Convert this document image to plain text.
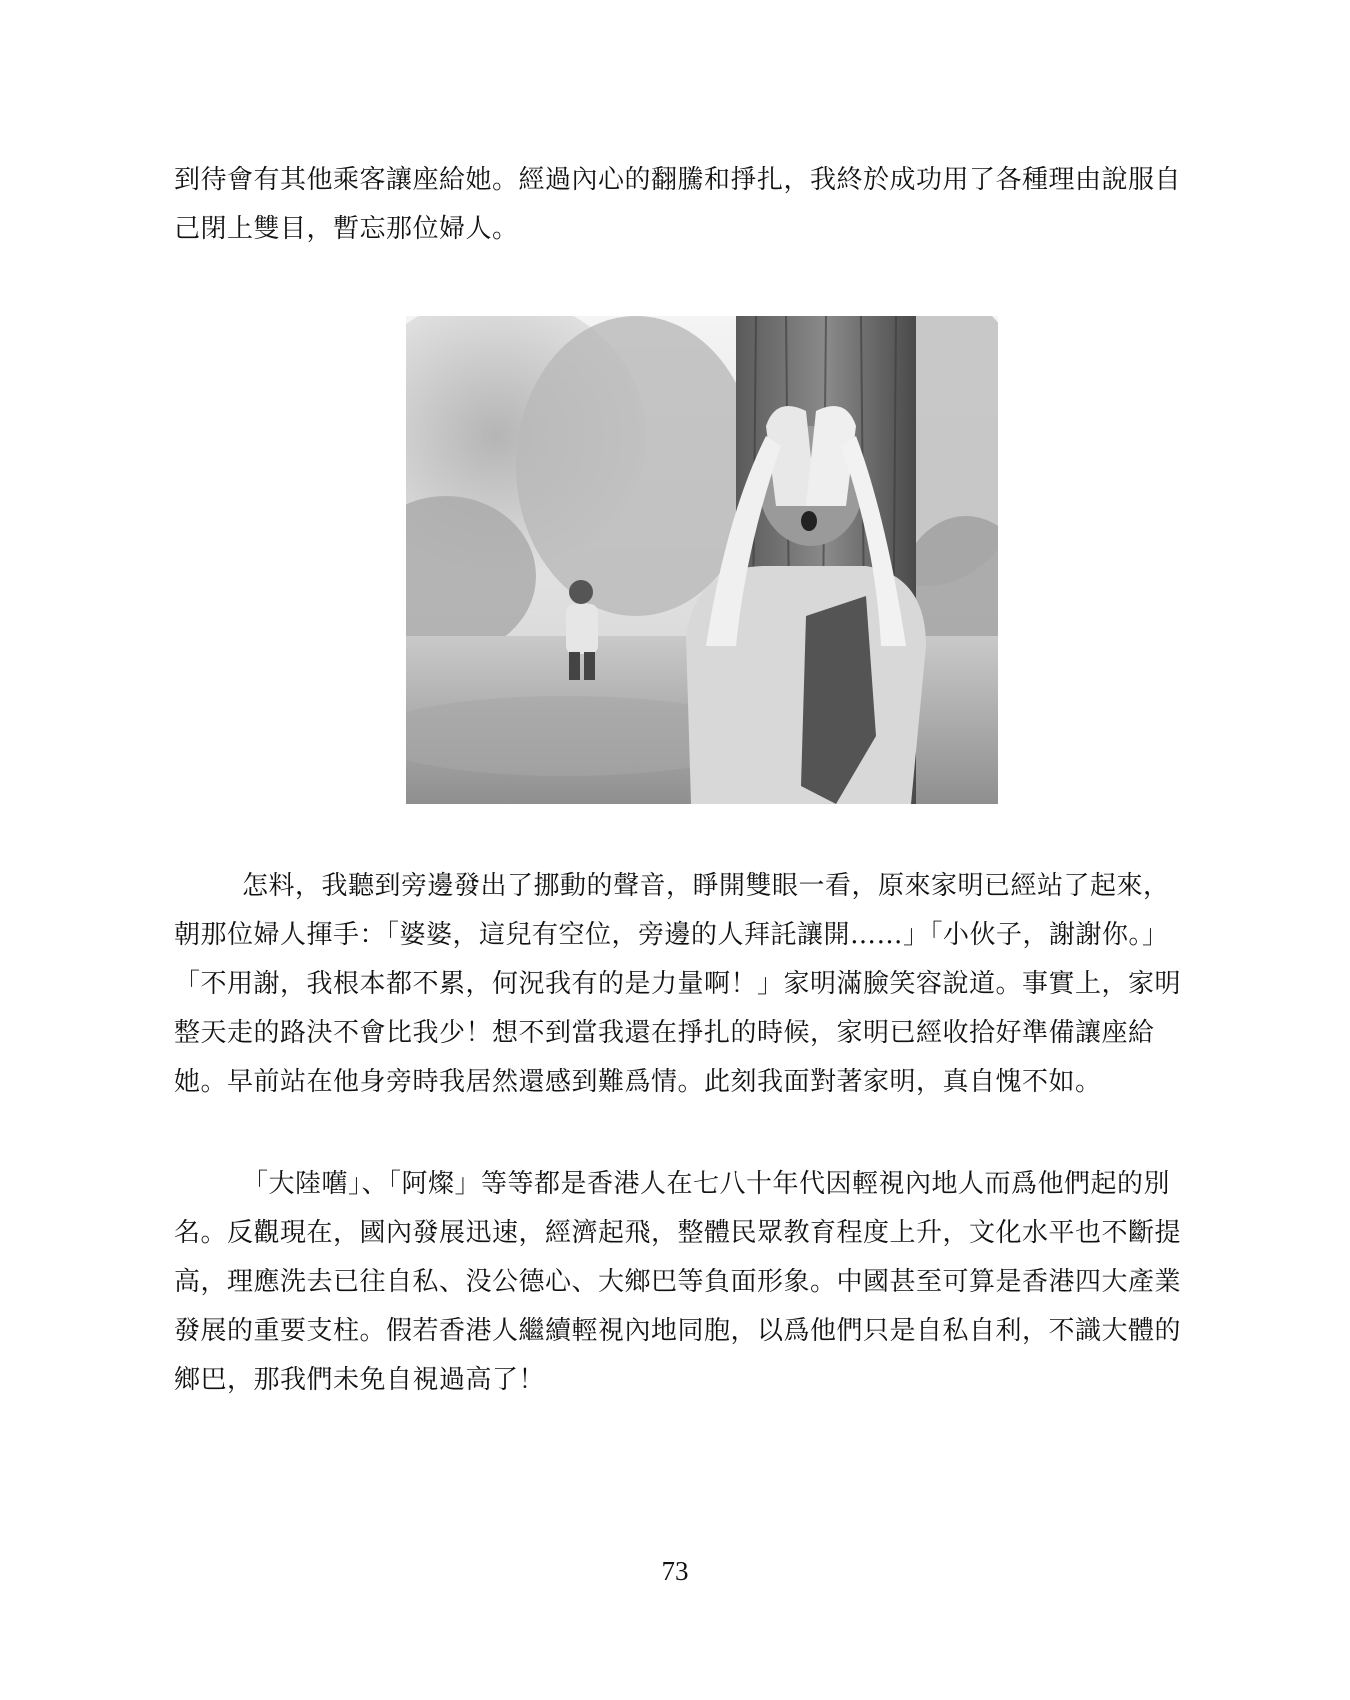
到待會有其他乘客讓座給她。經過內心的翻騰和掙扎，我終於成功用了各種理由說服自
己閉上雙目，暫忘那位婦人。

怎料，我聽到旁邊發出了挪動的聲音，睜開雙眼一看，原來家明已經站了起來，
朝那位婦人揮手：「婆婆，這兒有空位，旁邊的人拜託讓開……」「小伙子，謝謝你。」
「不用謝，我根本都不累，何況我有的是力量啊！」家明滿臉笑容說道。事實上，家明
整天走的路決不會比我少！想不到當我還在掙扎的時候，家明已經收拾好準備讓座給
她。早前站在他身旁時我居然還感到難爲情。此刻我面對著家明，真自愧不如。

「大陸嚿」、「阿燦」等等都是香港人在七八十年代因輕視內地人而爲他們起的別
名。反觀現在，國內發展迅速，經濟起飛，整體民眾教育程度上升，文化水平也不斷提
高，理應洗去已往自私、没公德心、大鄉巴等負面形象。中國甚至可算是香港四大產業
發展的重要支柱。假若香港人繼續輕視內地同胞，以爲他們只是自私自利，不識大體的
鄉巴，那我們未免自視過高了！

73
